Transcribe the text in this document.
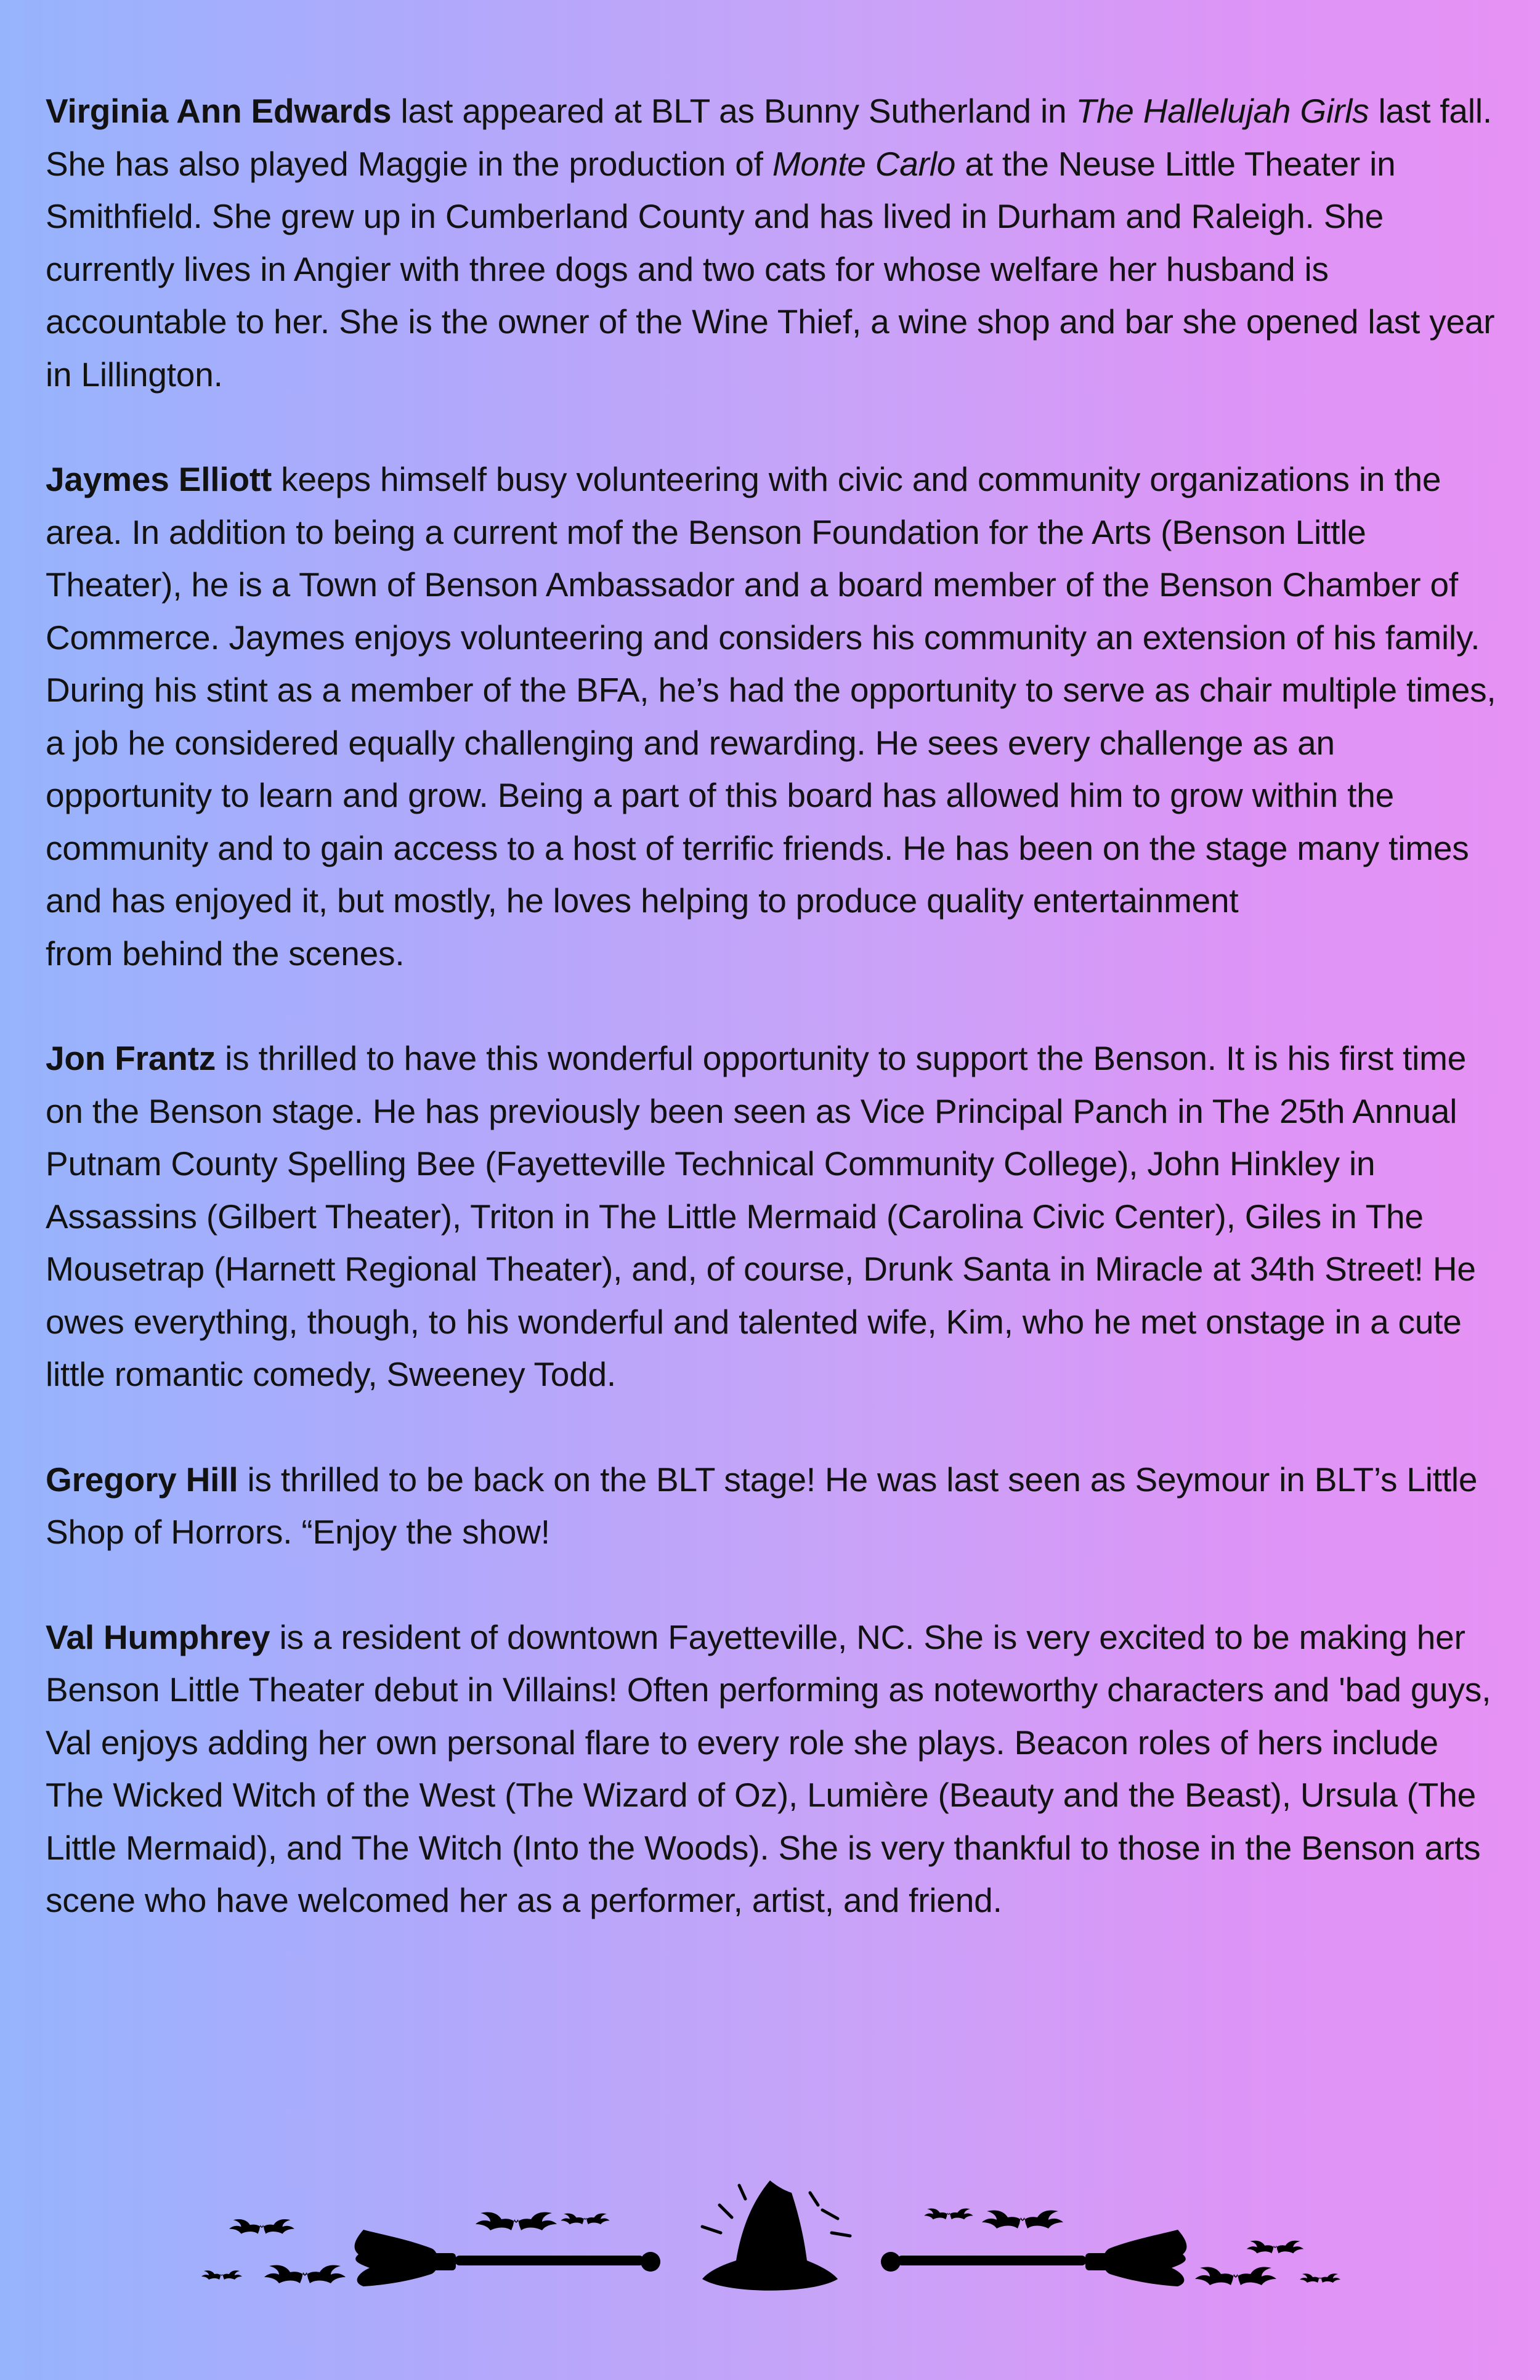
Virginia Ann Edwards last appeared at BLT as Bunny Sutherland in The Hallelujah Girls last fall. She has also played Maggie in the production of Monte Carlo at the Neuse Little Theater in Smithfield. She grew up in Cumberland County and has lived in Durham and Raleigh. She currently lives in Angier with three dogs and two cats for whose welfare her husband is accountable to her. She is the owner of the Wine Thief, a wine shop and bar she opened last year in Lillington.

Jaymes Elliott keeps himself busy volunteering with civic and community organizations in the area. In addition to being a current mof the Benson Foundation for the Arts (Benson Little Theater), he is a Town of Benson Ambassador and a board member of the Benson Chamber of Commerce. Jaymes enjoys volunteering and considers his community an extension of his family. During his stint as a member of the BFA, he’s had the opportunity to serve as chair multiple times, a job he considered equally challenging and rewarding. He sees every challenge as an opportunity to learn and grow. Being a part of this board has allowed him to grow within the community and to gain access to a host of terrific friends. He has been on the stage many times and has enjoyed it, but mostly, he loves helping to produce quality entertainment
from behind the scenes.

Jon Frantz is thrilled to have this wonderful opportunity to support the Benson. It is his first time on the Benson stage. He has previously been seen as Vice Principal Panch in The 25th Annual Putnam County Spelling Bee (Fayetteville Technical Community College), John Hinkley in Assassins (Gilbert Theater), Triton in The Little Mermaid (Carolina Civic Center), Giles in The Mousetrap (Harnett Regional Theater), and, of course, Drunk Santa in Miracle at 34th Street! He owes everything, though, to his wonderful and talented wife, Kim, who he met onstage in a cute little romantic comedy, Sweeney Todd.

Gregory Hill is thrilled to be back on the BLT stage! He was last seen as Seymour in BLT’s Little Shop of Horrors. “Enjoy the show!

Val Humphrey is a resident of downtown Fayetteville, NC. She is very excited to be making her Benson Little Theater debut in Villains! Often performing as noteworthy characters and 'bad guys, Val enjoys adding her own personal flare to every role she plays. Beacon roles of hers include The Wicked Witch of the West (The Wizard of Oz), Lumière (Beauty and the Beast), Ursula (The Little Mermaid), and The Witch (Into the Woods). She is very thankful to those in the Benson arts scene who have welcomed her as a performer, artist, and friend.
